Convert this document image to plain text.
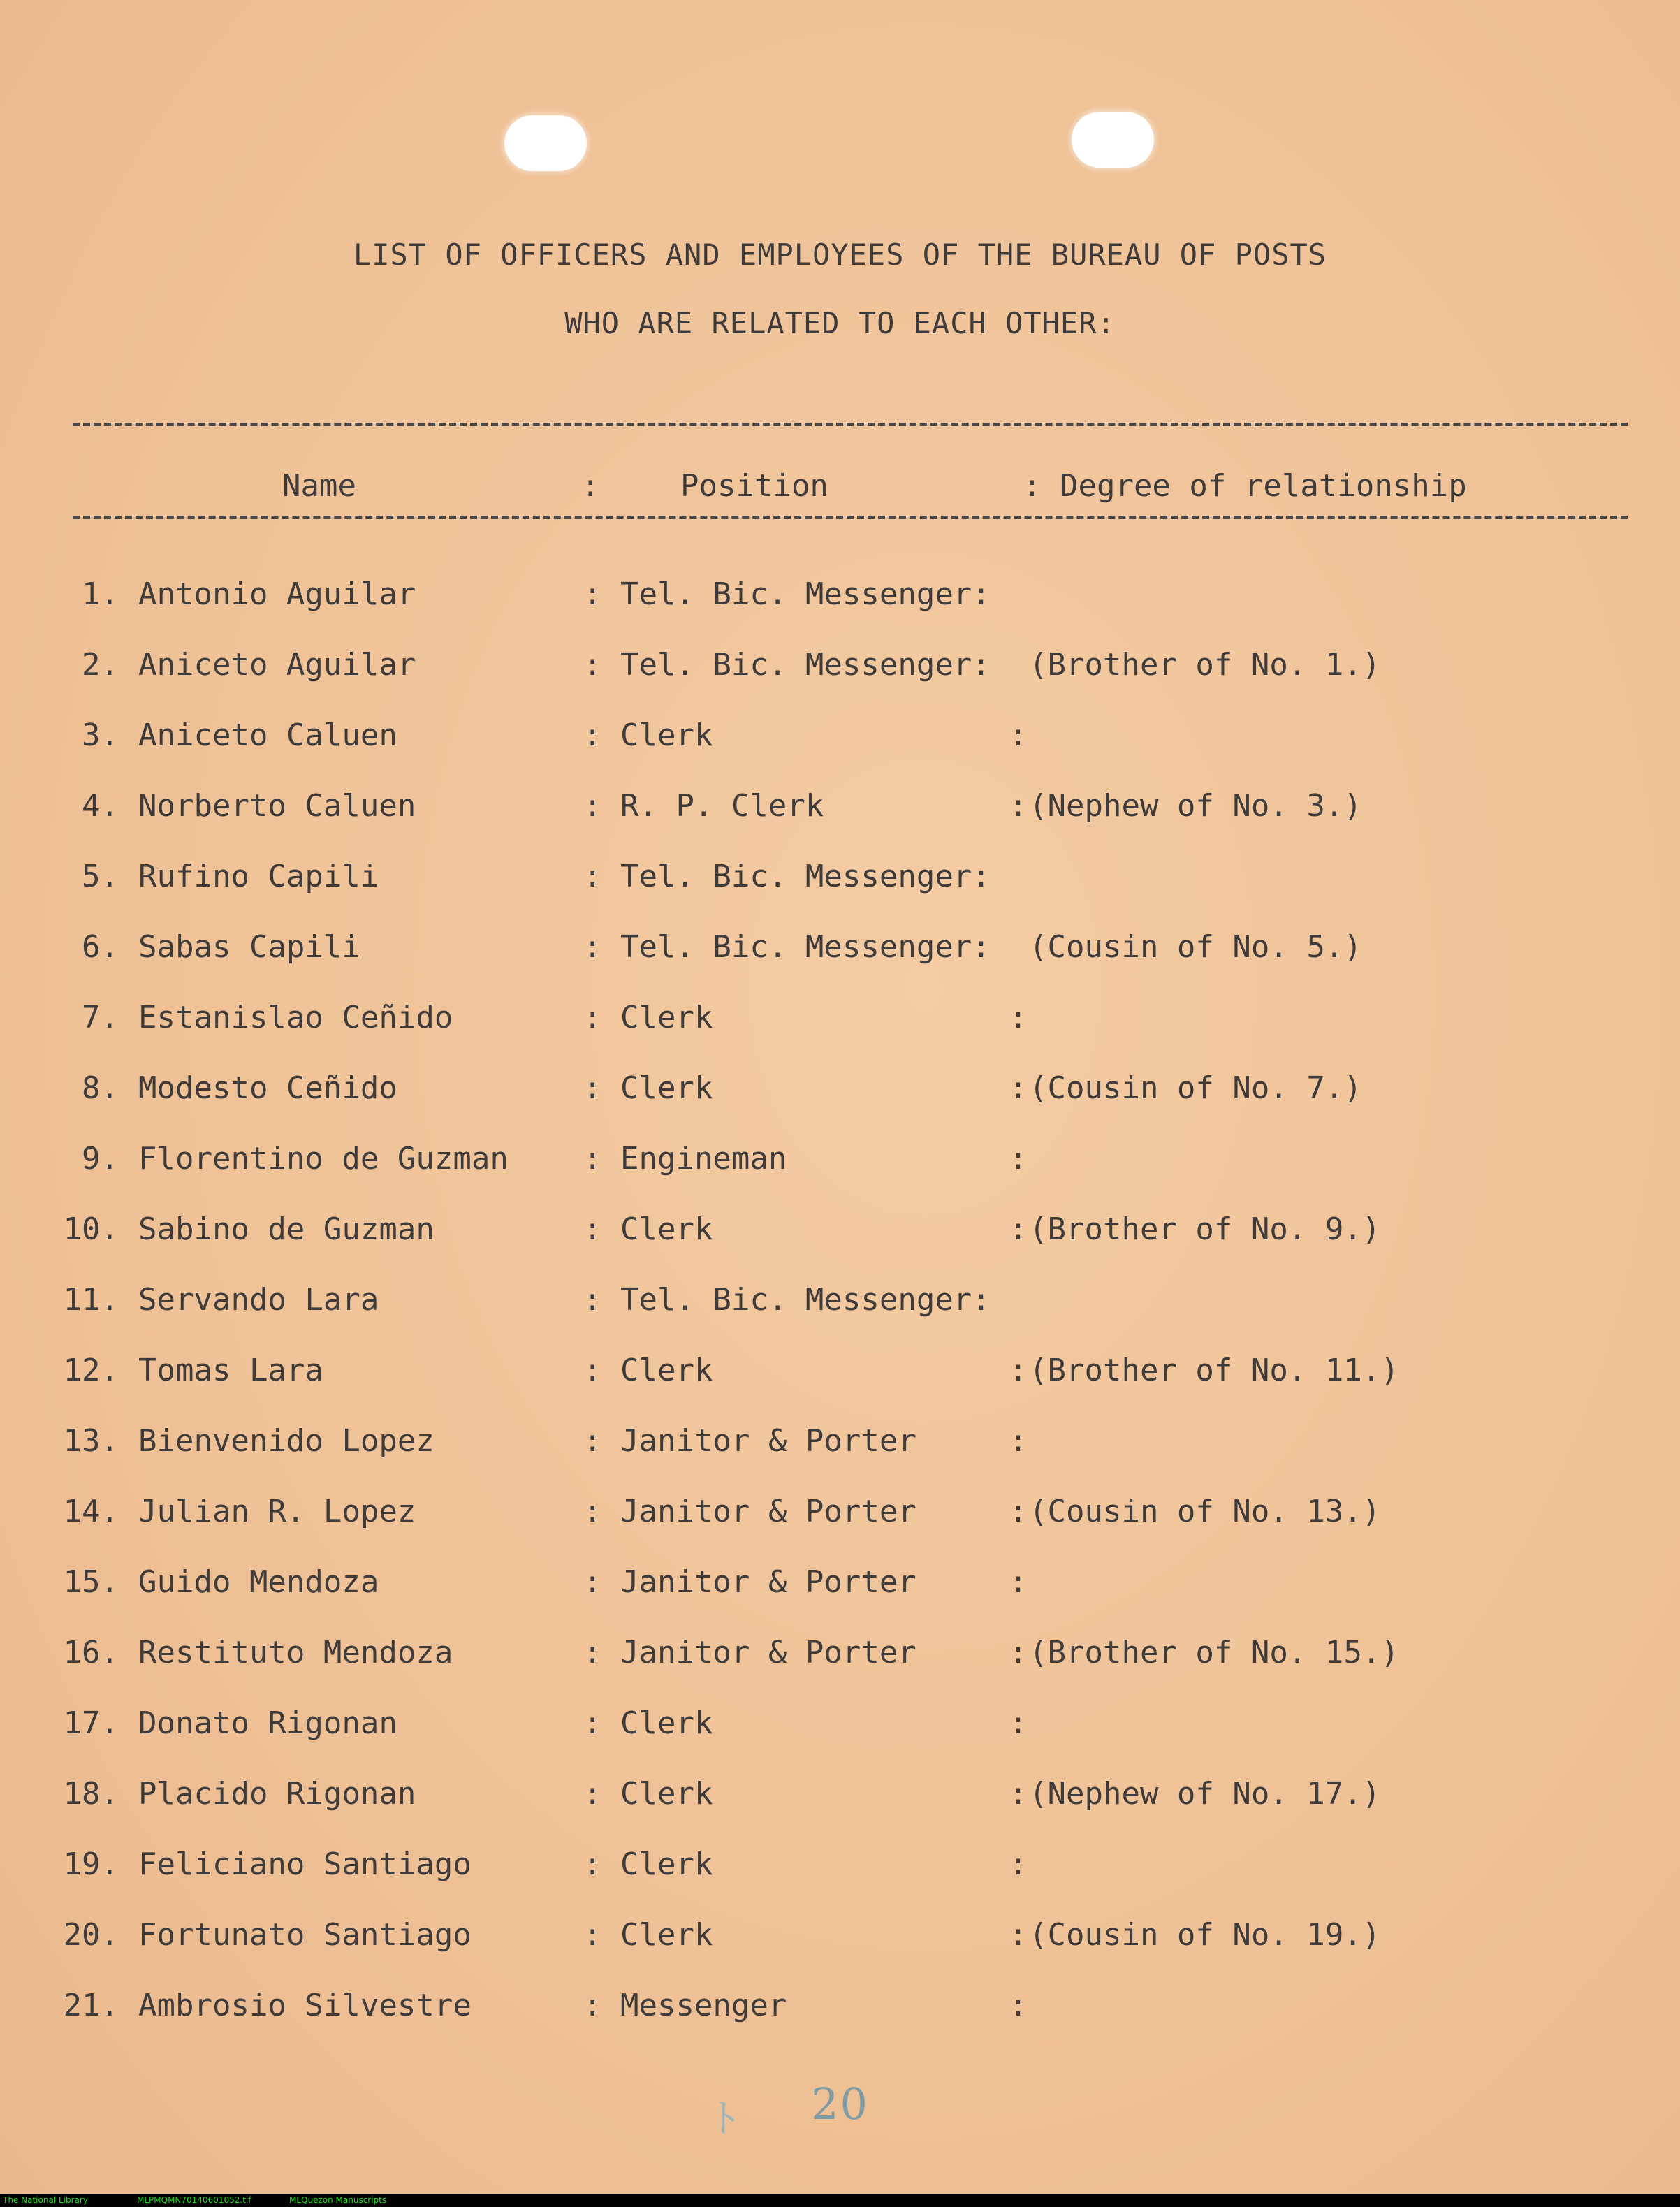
LIST OF OFFICERS AND EMPLOYEES OF THE BUREAU OF POSTS
WHO ARE RELATED TO EACH OTHER:
Name	:	Position	: Degree of relationship
1. Antonio Aguilar	: Tel. Bic. Messenger:
2. Aniceto Aguilar	: Tel. Bic. Messenger: (Brother of No. 1.)
3. Aniceto Caluen	: Clerk                :
4. Norberto Caluen	: R. P. Clerk          : (Nephew of No. 3.)
5. Rufino Capili	: Tel. Bic. Messenger:
6. Sabas Capili	: Tel. Bic. Messenger: (Cousin of No. 5.)
7. Estanislao Ceñido	: Clerk                :
8. Modesto Ceñido	: Clerk                : (Cousin of No. 7.)
9. Florentino de Guzman : Engineman            :
10. Sabino de Guzman	: Clerk                : (Brother of No. 9.)
11. Servando Lara	: Tel. Bic. Messenger:
12. Tomas Lara	: Clerk                : (Brother of No. 11.)
13. Bienvenido Lopez	: Janitor & Porter     :
14. Julian R. Lopez	: Janitor & Porter     : (Cousin of No. 13.)
15. Guido Mendoza	: Janitor & Porter     :
16. Restituto Mendoza	: Janitor & Porter     : (Brother of No. 15.)
17. Donato Rigonan	: Clerk                :
18. Placido Rigonan	: Clerk                : (Nephew of No. 17.)
19. Feliciano Santiago	: Clerk                :
20. Fortunato Santiago	: Clerk                : (Cousin of No. 19.)
21. Ambrosio Silvestre	: Messenger            :
ﾄ	20
The National Library	MLPMQMN70140601052.tif	MLQuezon Manuscripts
